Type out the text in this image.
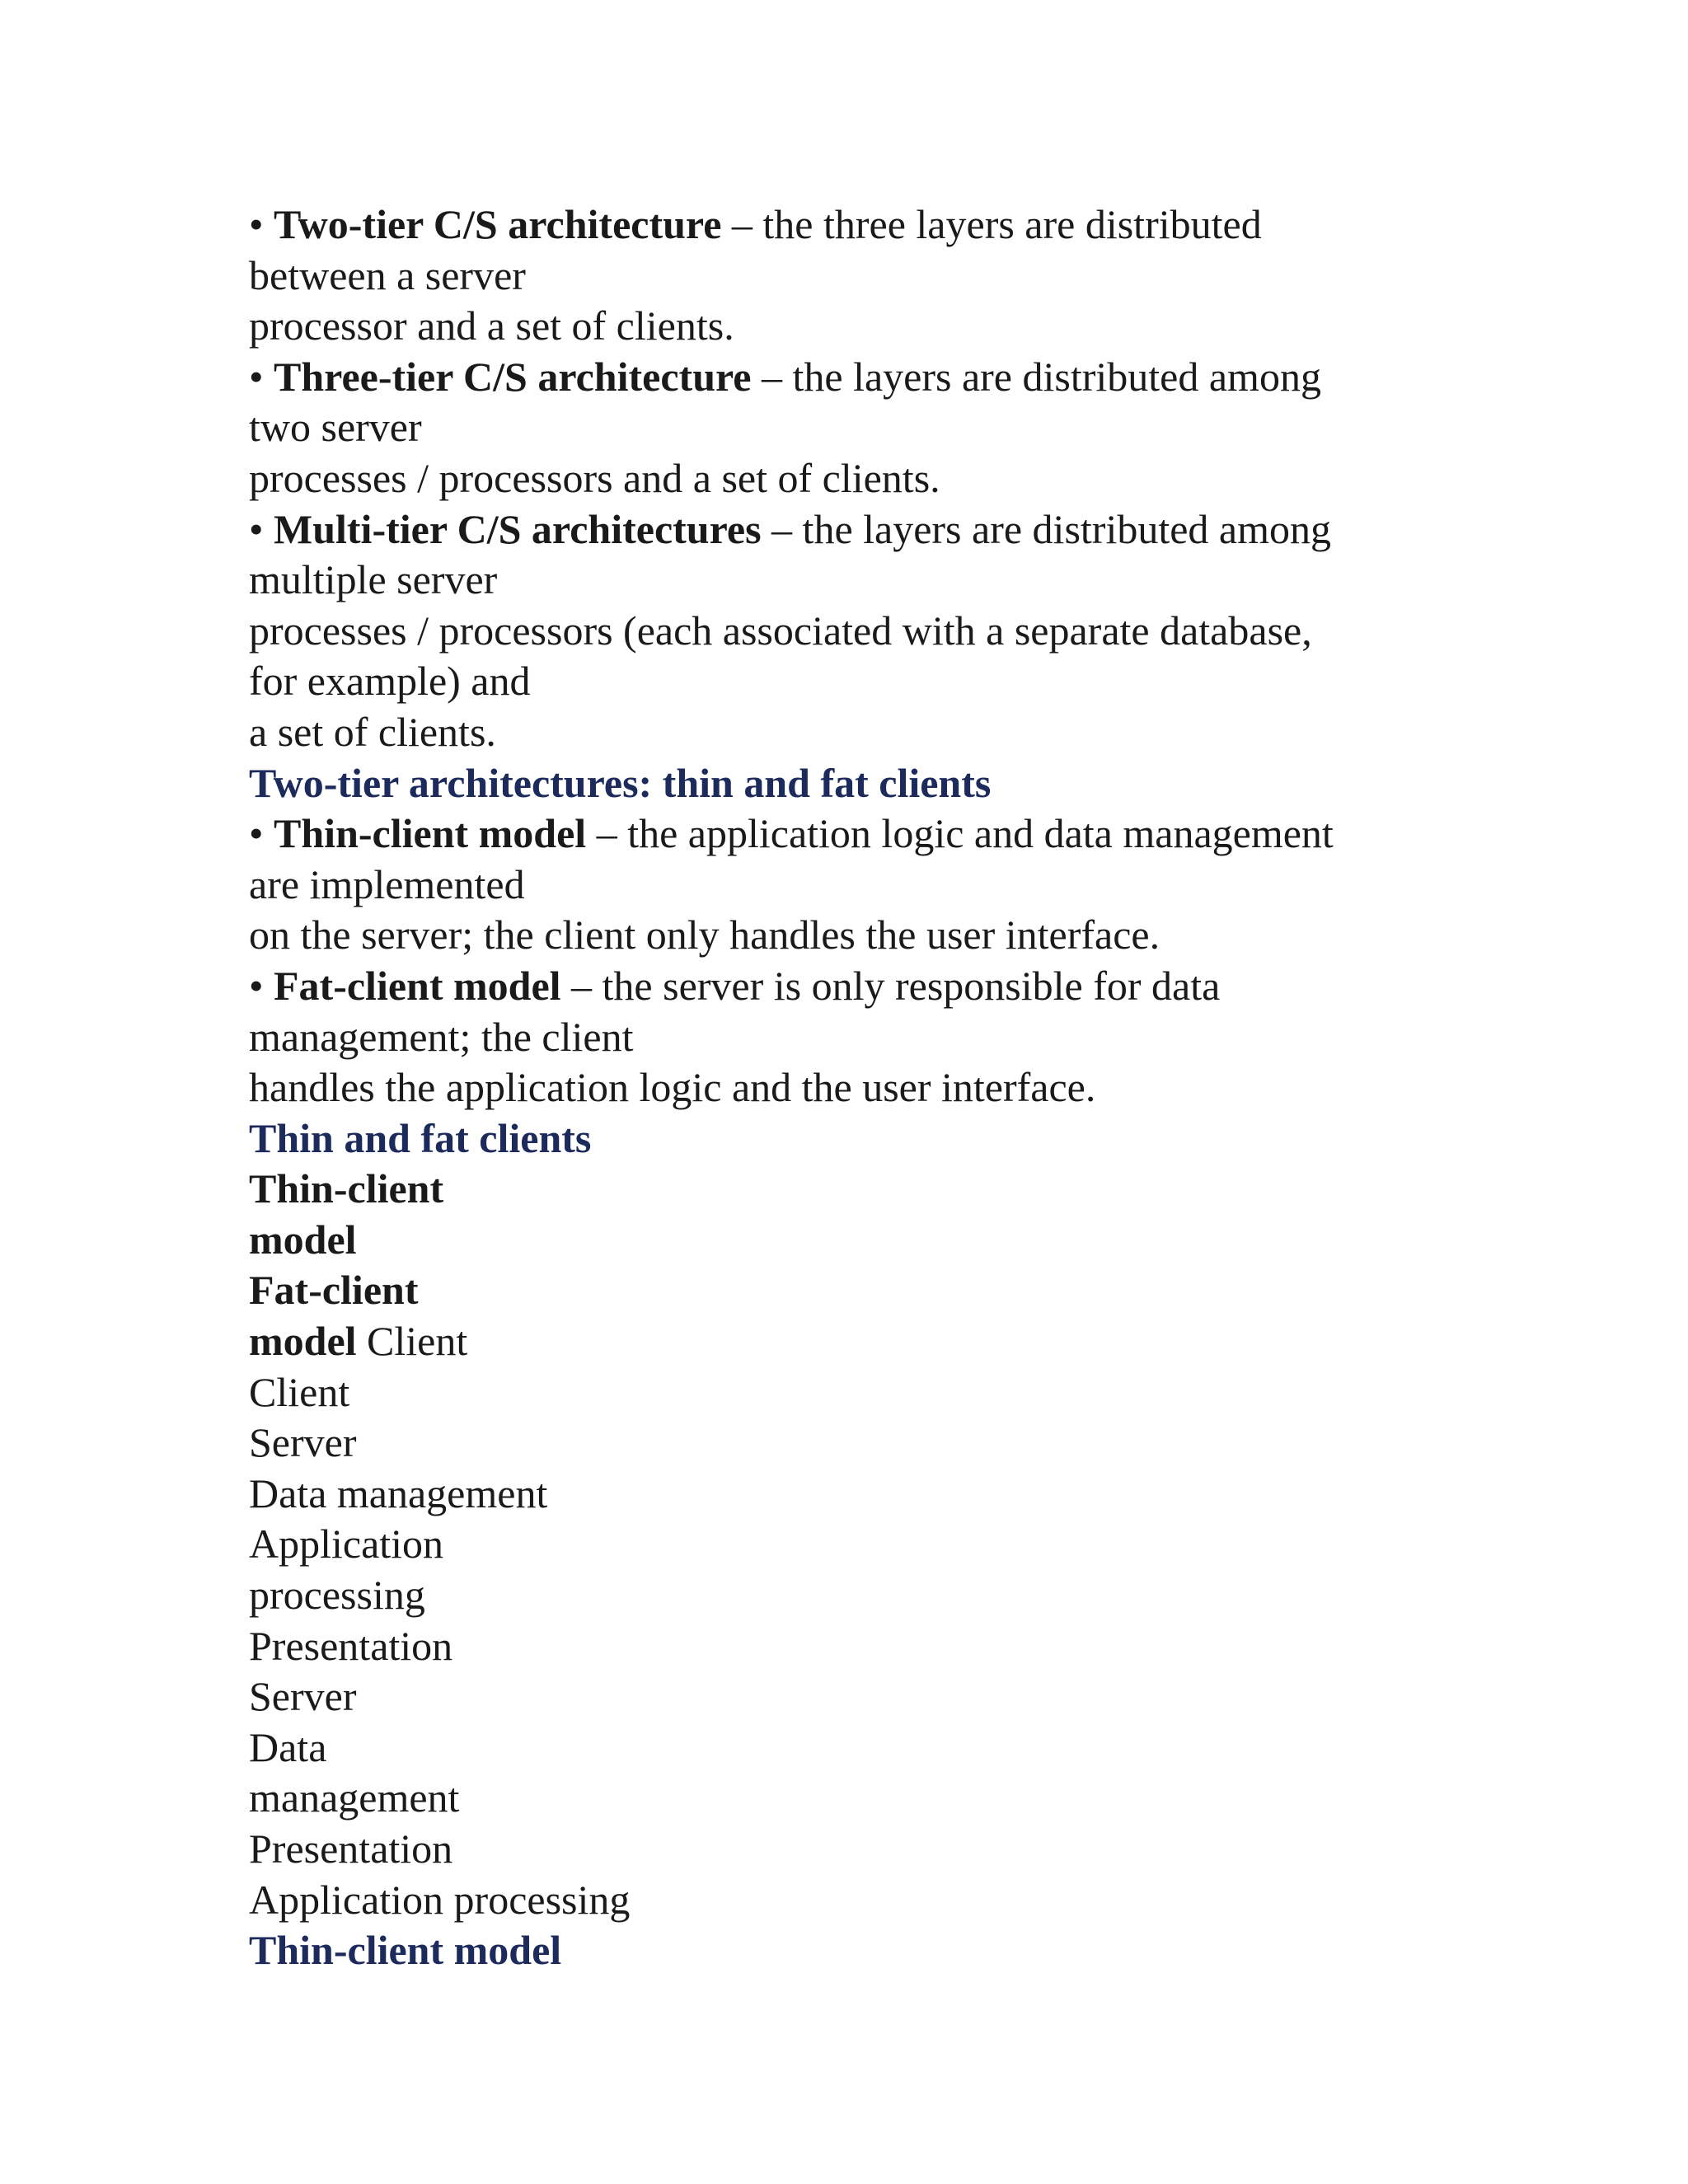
• Two-tier C/S architecture – the three layers are distributed
between a server
processor and a set of clients.
• Three-tier C/S architecture – the layers are distributed among
two server
processes / processors and a set of clients.
• Multi-tier C/S architectures – the layers are distributed among
multiple server
processes / processors (each associated with a separate database,
for example) and
a set of clients.
Two-tier architectures: thin and fat clients
• Thin-client model – the application logic and data management
are implemented
on the server; the client only handles the user interface.
• Fat-client model – the server is only responsible for data
management; the client
handles the application logic and the user interface.
Thin and fat clients
Thin-client
model
Fat-client
model Client
Client
Server
Data management
Application
processing
Presentation
Server
Data
management
Presentation
Application processing
Thin-client model
